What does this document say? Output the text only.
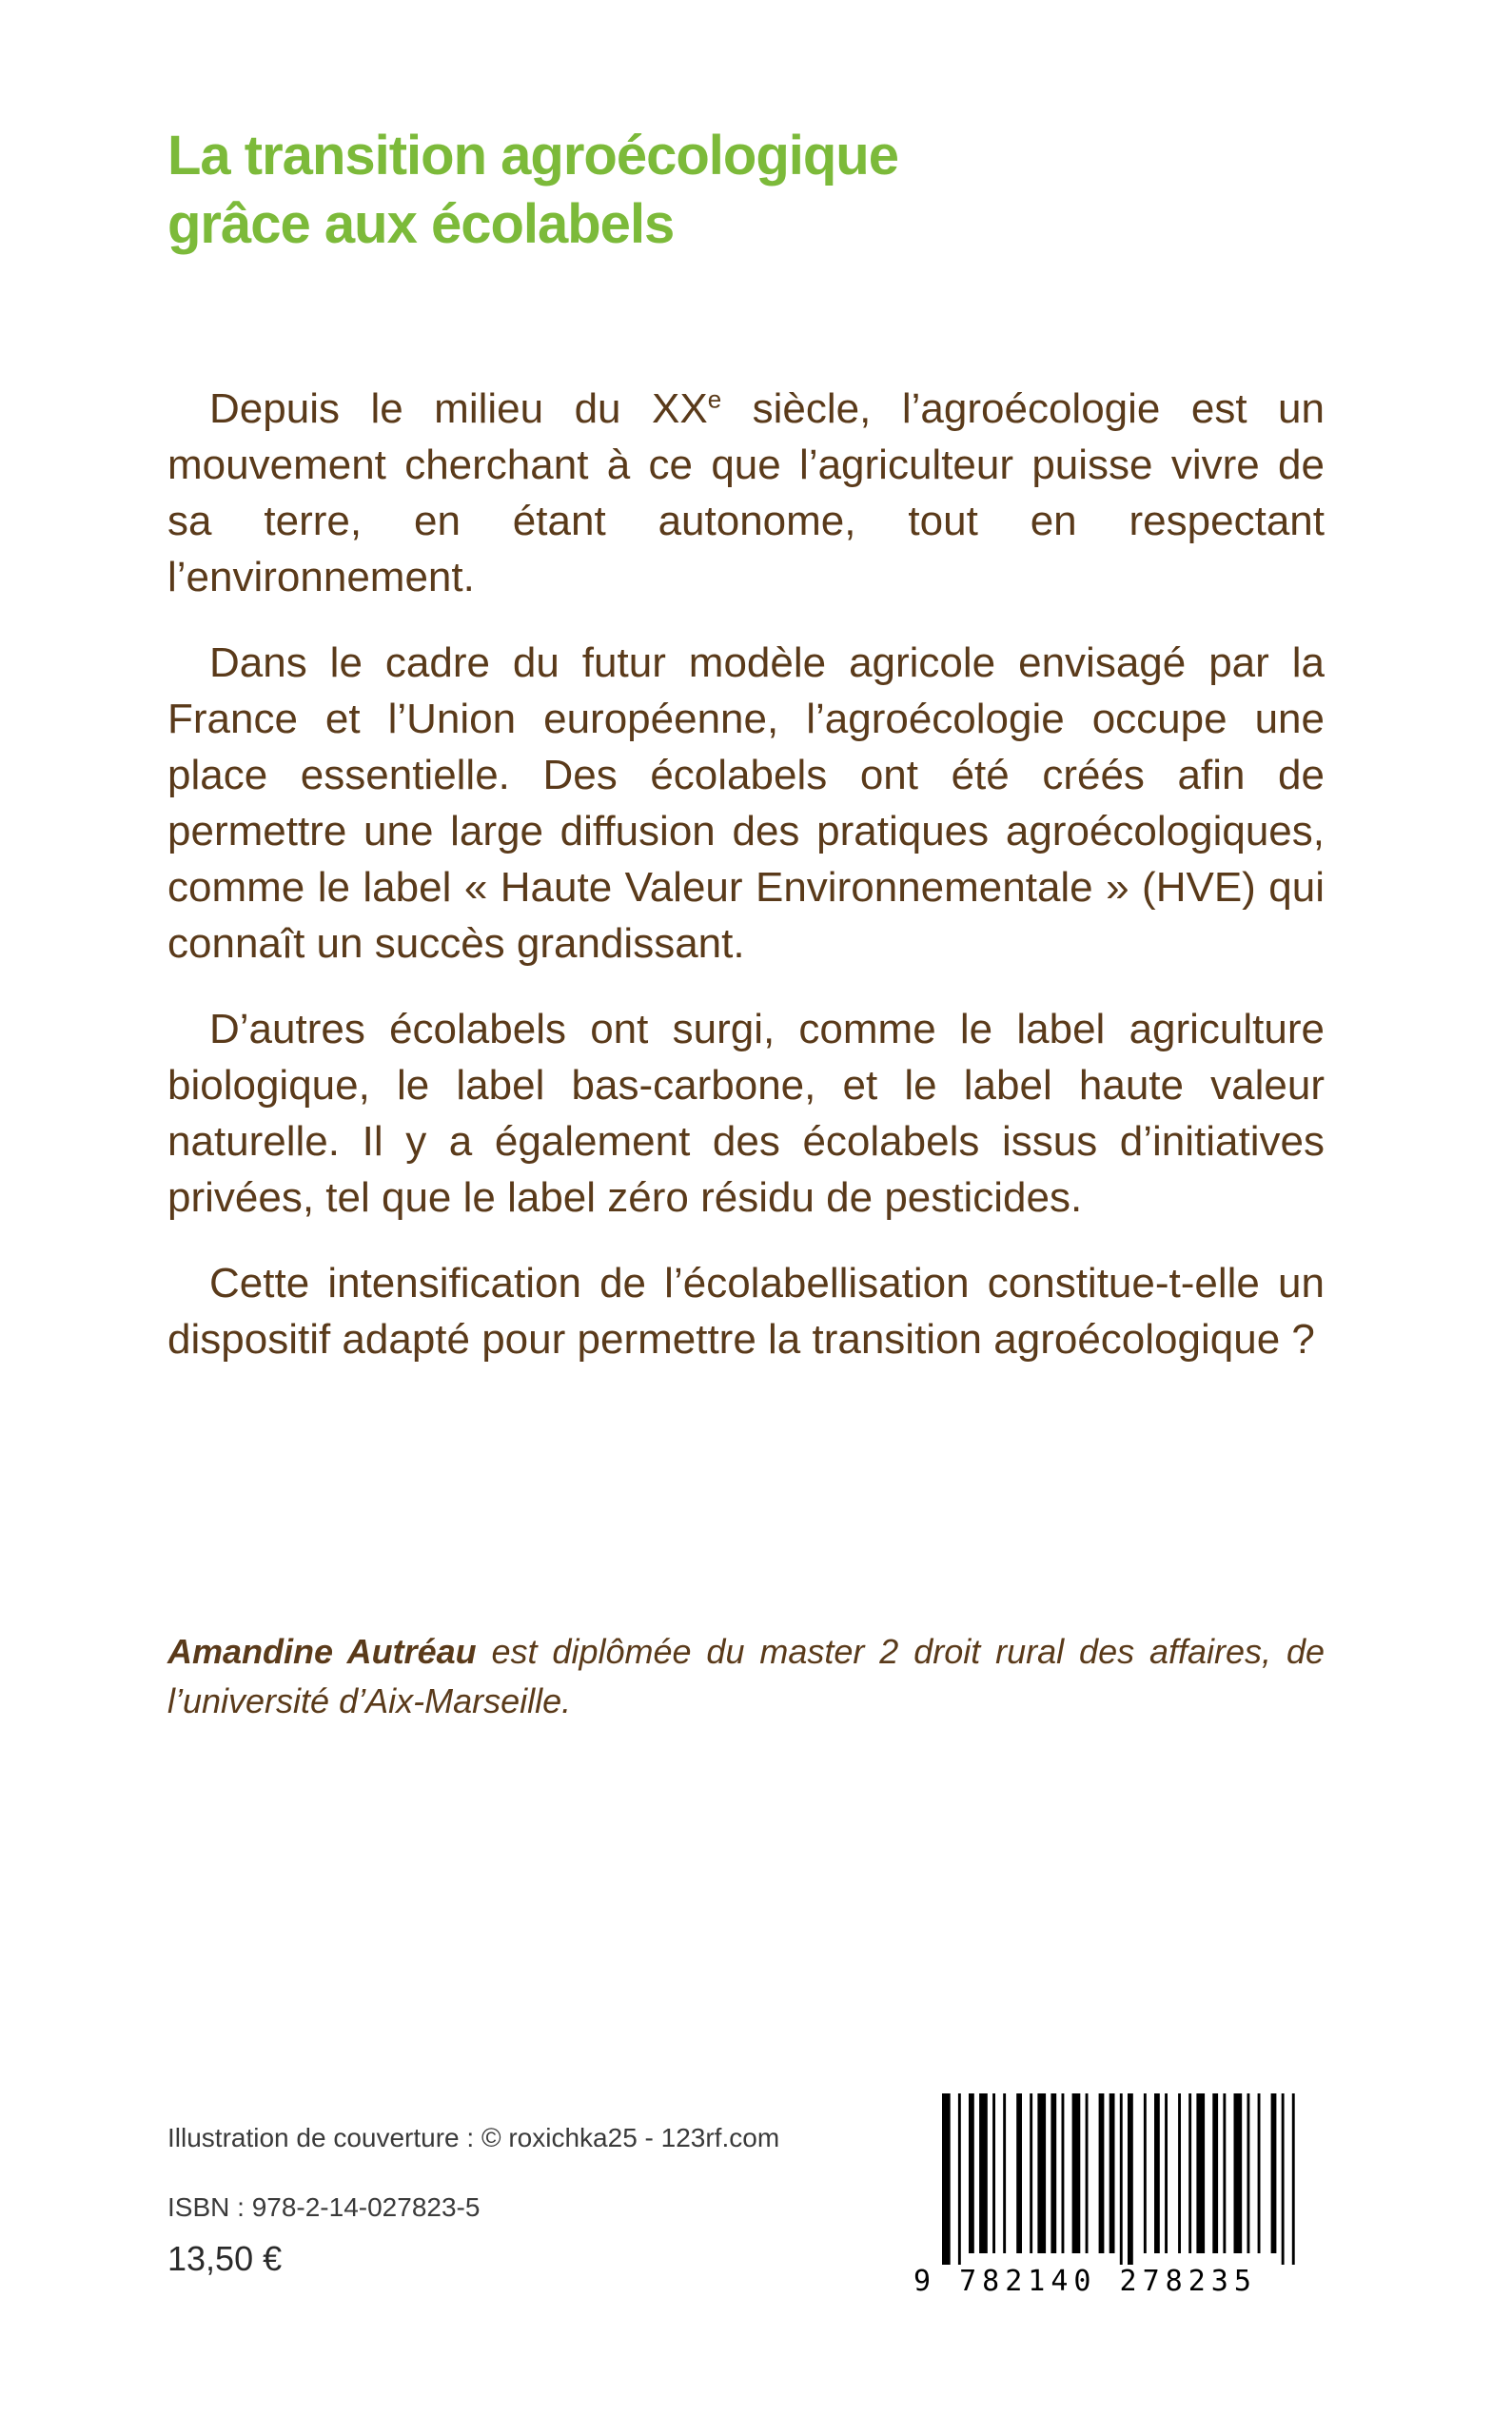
La transition agroécologique
grâce aux écolabels

Depuis le milieu du XXe siècle, l’agroécologie est un mouvement cherchant à ce que l’agriculteur puisse vivre de sa terre, en étant autonome, tout en respectant l’environnement.

Dans le cadre du futur modèle agricole envisagé par la France et l’Union européenne, l’agroécologie occupe une place essentielle. Des écolabels ont été créés afin de permettre une large diffusion des pratiques agroécologiques, comme le label « Haute Valeur Environnementale » (HVE) qui connaît un succès grandissant.

D’autres écolabels ont surgi, comme le label agriculture biologique, le label bas-carbone, et le label haute valeur naturelle. Il y a également des écolabels issus d’initiatives privées, tel que le label zéro résidu de pesticides.

Cette intensification de l’écolabellisation constitue-t-elle un dispositif adapté pour permettre la transition agroécologique ?

Amandine Autréau est diplômée du master 2 droit rural des affaires, de l’université d’Aix-Marseille.

Illustration de couverture : © roxichka25 - 123rf.com
ISBN : 978-2-14-027823-5
13,50 €
9 782140 278235
